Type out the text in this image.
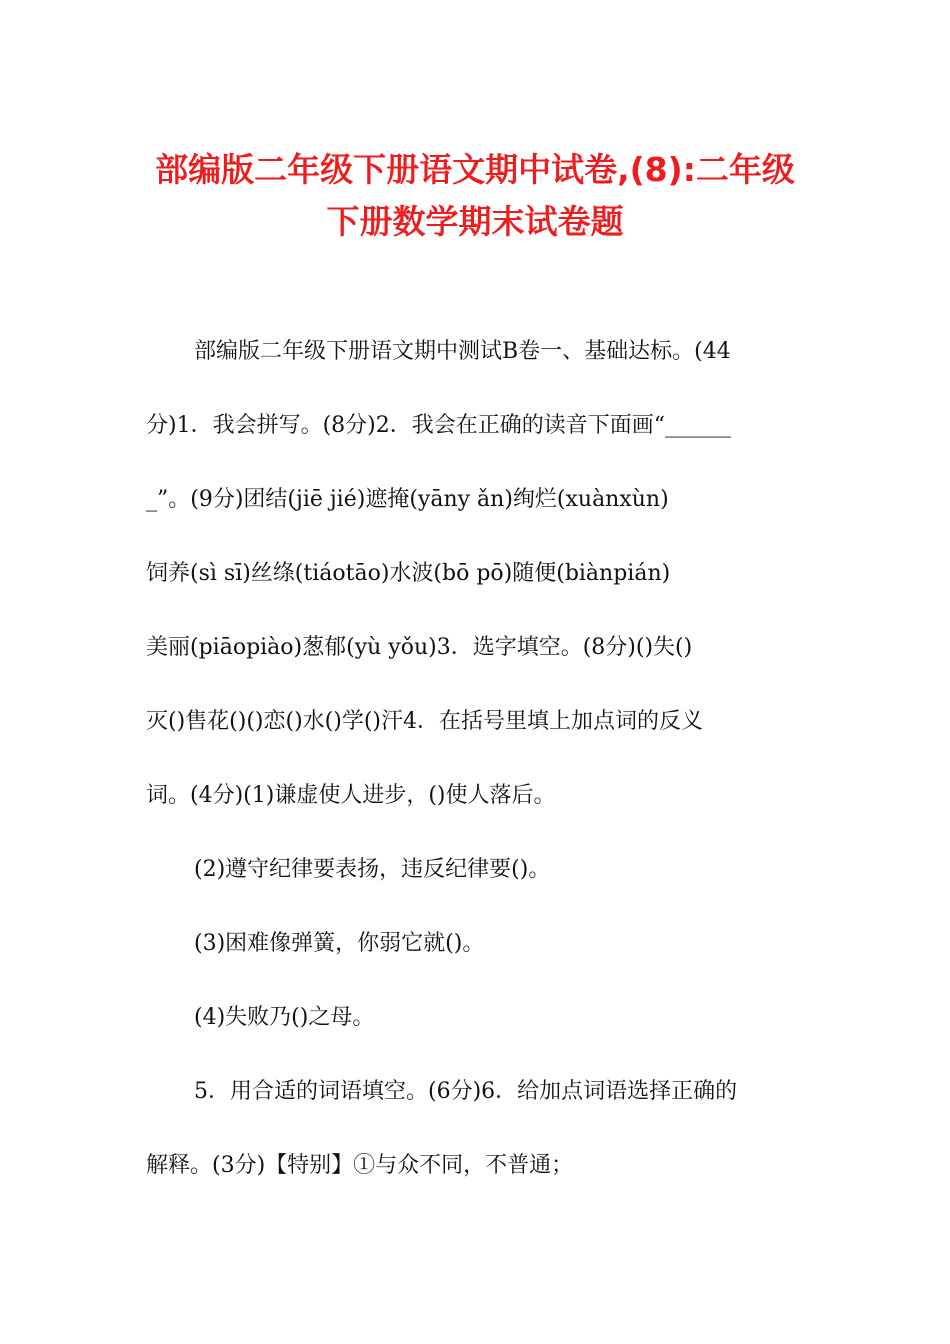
部编版二年级下册语文期中试卷,(8):二年级
下册数学期末试卷题
部编版二年级下册语文期中测试B卷一、基础达标。(44
分)1．我会拼写。(8分)2．我会在正确的读音下面画“______
_”。(9分)团结(jiē jié)遮掩(yāny ǎn)绚烂(xuànxùn)
饲养(sì sī)丝绦(tiáotāo)水波(bō pō)随便(biànpián)
美丽(piāopiào)葱郁(yù yǒu)3．选字填空。(8分)()失()
灭()售花()()恋()水()学()汗4．在括号里填上加点词的反义
词。(4分)(1)谦虚使人进步，()使人落后。
(2)遵守纪律要表扬，违反纪律要()。
(3)困难像弹簧，你弱它就()。
(4)失败乃()之母。
5．用合适的词语填空。(6分)6．给加点词语选择正确的
解释。(3分)【特别】①与众不同，不普通；
